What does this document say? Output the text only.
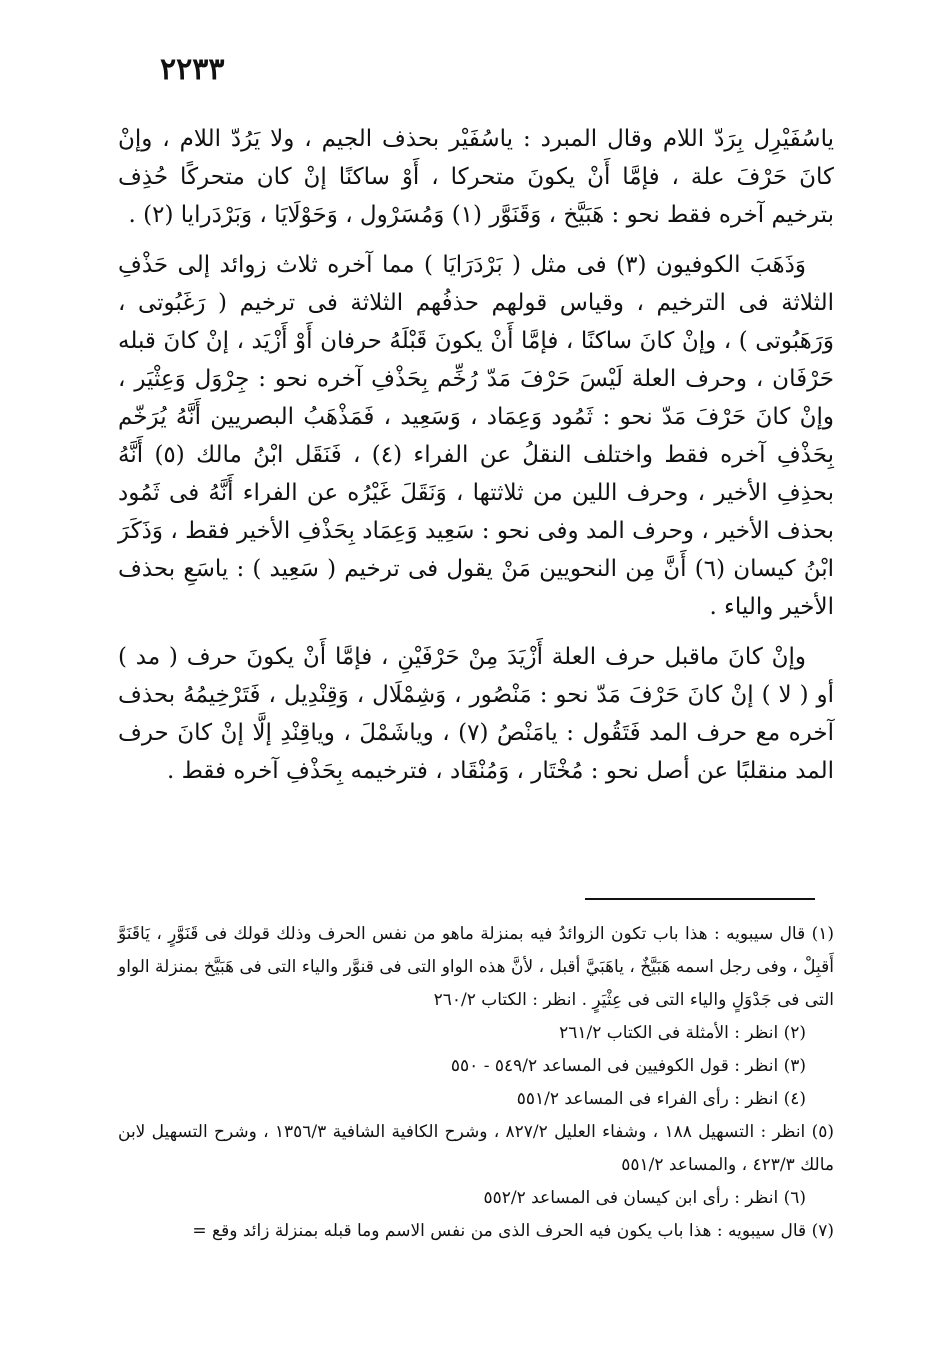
٢٢٣٣

ياسُفَيْرِل بِرَدّ اللام وقال المبرد : ياسُفَيْر بحذف الجيم ، ولا يَرُدّ اللام ، وإنْ كانَ حَرْفَ علة ، فإمَّا أَنْ يكونَ متحركا ، أَوْ ساكنًا إنْ كان متحركًا حُذِف بترخيم آخره فقط نحو : هَبَيَّخ ، وَقَنَوَّر (١) وَمُسَرْول ، وَحَوْلَايَا ، وَبَرْدَرايا (٢) .

وَذَهَبَ الكوفيون (٣) فى مثل ( بَرْدَرَايَا ) مما آخره ثلاث زوائد إلى حَذْفِ الثلاثة فى الترخيم ، وقياس قولهم حذفُهم الثلاثة فى ترخيم ( رَغَبُوتى ، وَرَهَبُوتى ) ، وإنْ كانَ ساكنًا ، فإمَّا أَنْ يكونَ قَبْلَهُ حرفان أَوْ أَزْيَد ، إنْ كانَ قبله حَرْفَان ، وحرف العلة لَيْسَ حَرْفَ مَدّ رُخِّم بِحَذْفِ آخره نحو : جِرْوَل وَعِثْيَر ، وإنْ كانَ حَرْفَ مَدّ نحو : ثَمُود وَعِمَاد ، وَسَعِيد ، فَمَذْهَبُ البصريين أَنَّهُ يُرَخّم بِحَذْفِ آخره فقط واختلف النقلُ عن الفراء (٤) ، فَنَقَل ابْنُ مالك (٥) أَنَّهُ بحذِفِ الأخير ، وحرف اللين من ثلاثتها ، وَنَقَلَ غَيْرُه عن الفراء أَنَّهُ فى ثَمُود بحذف الأخير ، وحرف المد وفى نحو : سَعِيد وَعِمَاد بِحَذْفِ الأخير فقط ، وَذَكَرَ ابْنُ كيسان (٦) أَنَّ مِن النحويين مَنْ يقول فى ترخيم ( سَعِيد ) : ياسَعِ بحذف الأخير والياء .

وإنْ كانَ ماقبل حرف العلة أَزْيَدَ مِنْ حَرْفَيْنِ ، فإمَّا أَنْ يكونَ حرف ( مد ) أو ( لا ) إنْ كانَ حَرْفَ مَدّ نحو : مَنْصُور ، وَشِمْلَال ، وَقِنْدِيل ، فَتَرْخِيمُهُ بحذف آخره مع حرف المد فَتَقُول : يامَنْصُ (٧) ، وياشَمْلَ ، وياقِنْدِ إلَّا إنْ كانَ حرف المد منقلبًا عن أصل نحو : مُخْتَار ، وَمُنْقَاد ، فترخيمه بِحَذْفِ آخره فقط .

(١) قال سيبويه : هذا باب تكون الزوائدُ فيه بمنزلة ماهو من نفس الحرف وذلك قولك فى قَنَوَّرٍ ، يَاقَنَوَّ أَقبِلْ ، وفى رجل اسمه هَبَيَّخٌ ، ياهَبَيَّ أقبل ، لأنَّ هذه الواو التى فى قنوَّر والياء التى فى هَبَيَّخ بمنزلة الواو التى فى جَدْوَلٍ والياء التى فى عِثْيَرٍ . انظر : الكتاب ٢٦٠/٢

(٢) انظر : الأمثلة فى الكتاب ٢٦١/٢

(٣) انظر : قول الكوفيين فى المساعد ٥٤٩/٢ - ٥٥٠

(٤) انظر : رأى الفراء فى المساعد ٥٥١/٢

(٥) انظر : التسهيل ١٨٨ ، وشفاء العليل ٨٢٧/٢ ، وشرح الكافية الشافية ١٣٥٦/٣ ، وشرح التسهيل لابن مالك ٤٢٣/٣ ، والمساعد ٥٥١/٢

(٦) انظر : رأى ابن كيسان فى المساعد ٥٥٢/٢

(٧) قال سيبويه : هذا باب يكون فيه الحرف الذى من نفس الاسم وما قبله بمنزلة زائد وقع =
